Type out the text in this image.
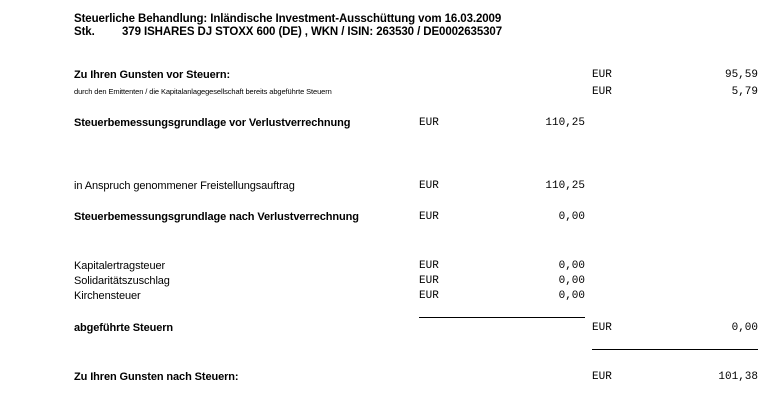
Steuerliche Behandlung: Inländische Investment-Ausschüttung vom 16.03.2009
Stk. 379 ISHARES DJ STOXX 600 (DE) , WKN / ISIN: 263530 / DE0002635307
Zu Ihren Gunsten vor Steuern:	EUR	95,59
durch den Emittenten / die Kapitalanlagegesellschaft bereits abgeführte Steuern	EUR	5,79
Steuerbemessungsgrundlage vor Verlustverrechnung	EUR	110,25
in Anspruch genommener Freistellungsauftrag	EUR	110,25
Steuerbemessungsgrundlage nach Verlustverrechnung	EUR	0,00
Kapitalertragsteuer	EUR	0,00
Solidaritätszuschlag	EUR	0,00
Kirchensteuer	EUR	0,00
abgeführte Steuern	EUR	0,00
Zu Ihren Gunsten nach Steuern:	EUR	101,38
